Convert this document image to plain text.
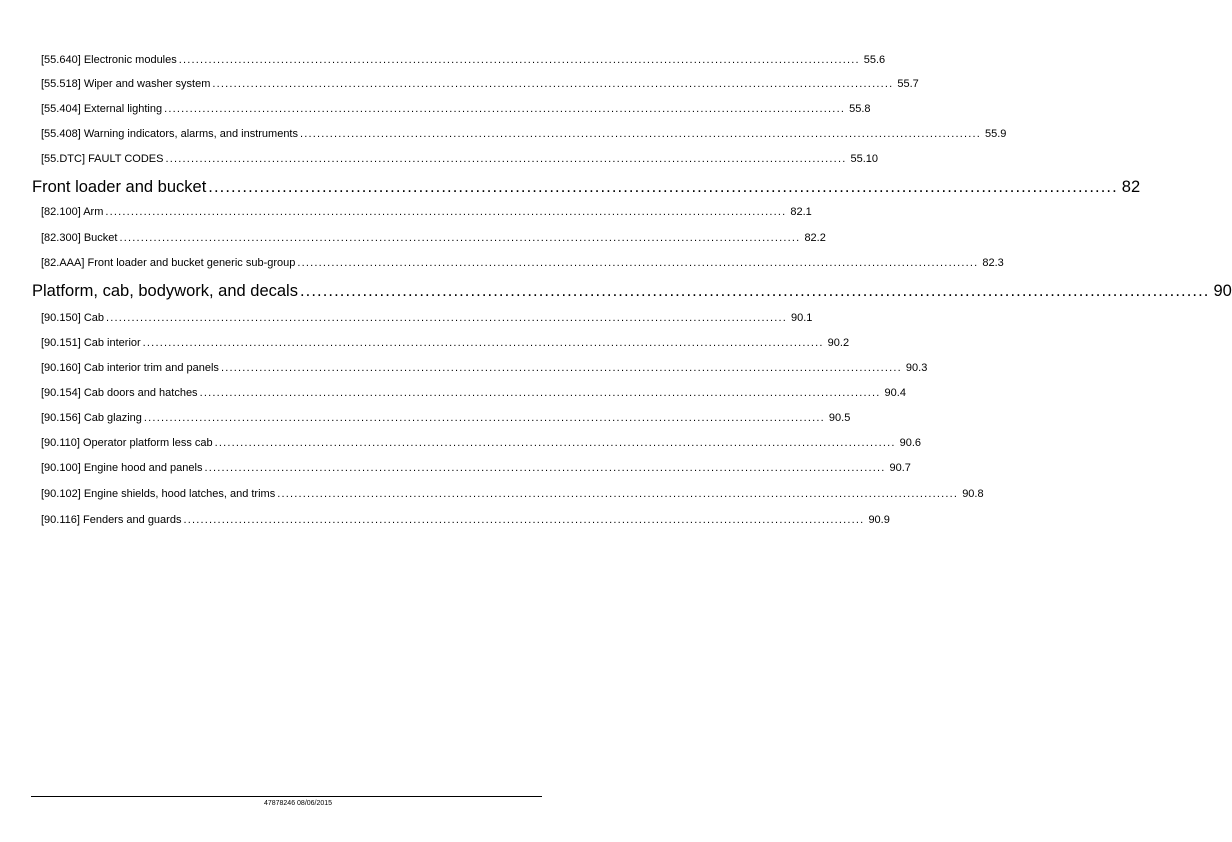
[55.640] Electronic modules ................................................................................................................................................................ 55.6
[55.518] Wiper and washer system ................................................................................................................................................................ 55.7
[55.404] External lighting ................................................................................................................................................................ 55.8
[55.408] Warning indicators, alarms, and instruments ................................................................................................................................................................ 55.9
[55.DTC] FAULT CODES ................................................................................................................................................................ 55.10
Front loader and bucket ................................................................................................................................................................ 82
[82.100] Arm ................................................................................................................................................................ 82.1
[82.300] Bucket ................................................................................................................................................................ 82.2
[82.AAA] Front loader and bucket generic sub-group ................................................................................................................................................................ 82.3
Platform, cab, bodywork, and decals ................................................................................................................................................................ 90
[90.150] Cab ................................................................................................................................................................ 90.1
[90.151] Cab interior ................................................................................................................................................................ 90.2
[90.160] Cab interior trim and panels ................................................................................................................................................................ 90.3
[90.154] Cab doors and hatches ................................................................................................................................................................ 90.4
[90.156] Cab glazing ................................................................................................................................................................ 90.5
[90.110] Operator platform less cab ................................................................................................................................................................ 90.6
[90.100] Engine hood and panels ................................................................................................................................................................ 90.7
[90.102] Engine shields, hood latches, and trims ................................................................................................................................................................ 90.8
[90.116] Fenders and guards ................................................................................................................................................................ 90.9
47878246 08/06/2015
